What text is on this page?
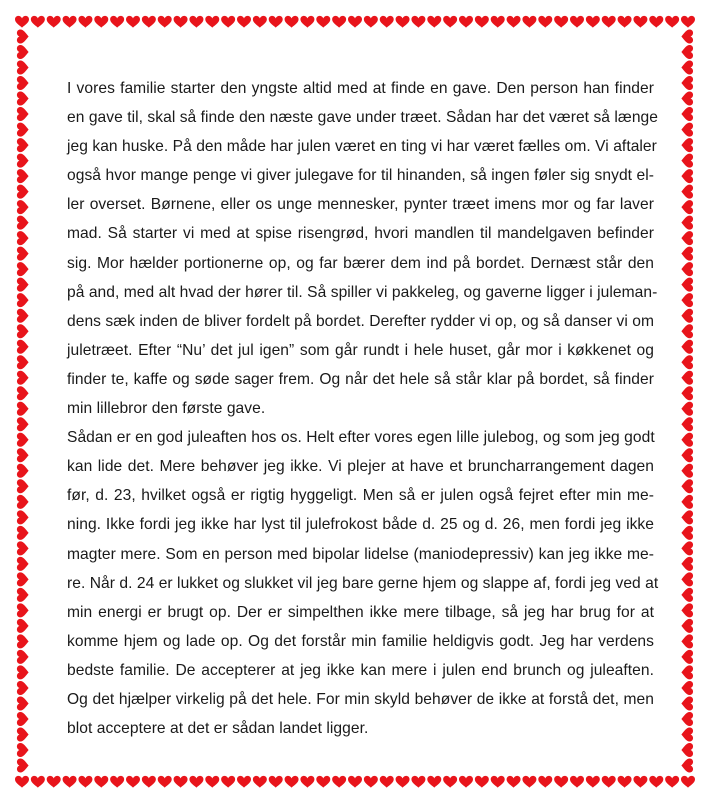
I vores familie starter den yngste altid med at finde en gave. Den person han finder
en gave til, skal så finde den næste gave under træet. Sådan har det været så længe
jeg kan huske. På den måde har julen været en ting vi har været fælles om. Vi aftaler
også hvor mange penge vi giver julegave for til hinanden, så ingen føler sig snydt el-
ler overset. Børnene, eller os unge mennesker, pynter træet imens mor og far laver
mad. Så starter vi med at spise risengrød, hvori mandlen til mandelgaven befinder
sig. Mor hælder portionerne op, og far bærer dem ind på bordet. Dernæst står den
på and, med alt hvad der hører til. Så spiller vi pakkeleg, og gaverne ligger i juleman-
dens sæk inden de bliver fordelt på bordet. Derefter rydder vi op, og så danser vi om
juletræet. Efter “Nu’ det jul igen” som går rundt i hele huset, går mor i køkkenet og
finder te, kaffe og søde sager frem. Og når det hele så står klar på bordet, så finder
min lillebror den første gave.
Sådan er en god juleaften hos os. Helt efter vores egen lille julebog, og som jeg godt
kan lide det. Mere behøver jeg ikke. Vi plejer at have et bruncharrangement dagen
før, d. 23, hvilket også er rigtig hyggeligt. Men så er julen også fejret efter min me-
ning. Ikke fordi jeg ikke har lyst til julefrokost både d. 25 og d. 26, men fordi jeg ikke
magter mere. Som en person med bipolar lidelse (maniodepressiv) kan jeg ikke me-
re. Når d. 24 er lukket og slukket vil jeg bare gerne hjem og slappe af, fordi jeg ved at
min energi er brugt op. Der er simpelthen ikke mere tilbage, så jeg har brug for at
komme hjem og lade op. Og det forstår min familie heldigvis godt. Jeg har verdens
bedste familie. De accepterer at jeg ikke kan mere i julen end brunch og juleaften.
Og det hjælper virkelig på det hele. For min skyld behøver de ikke at forstå det, men
blot acceptere at det er sådan landet ligger.
